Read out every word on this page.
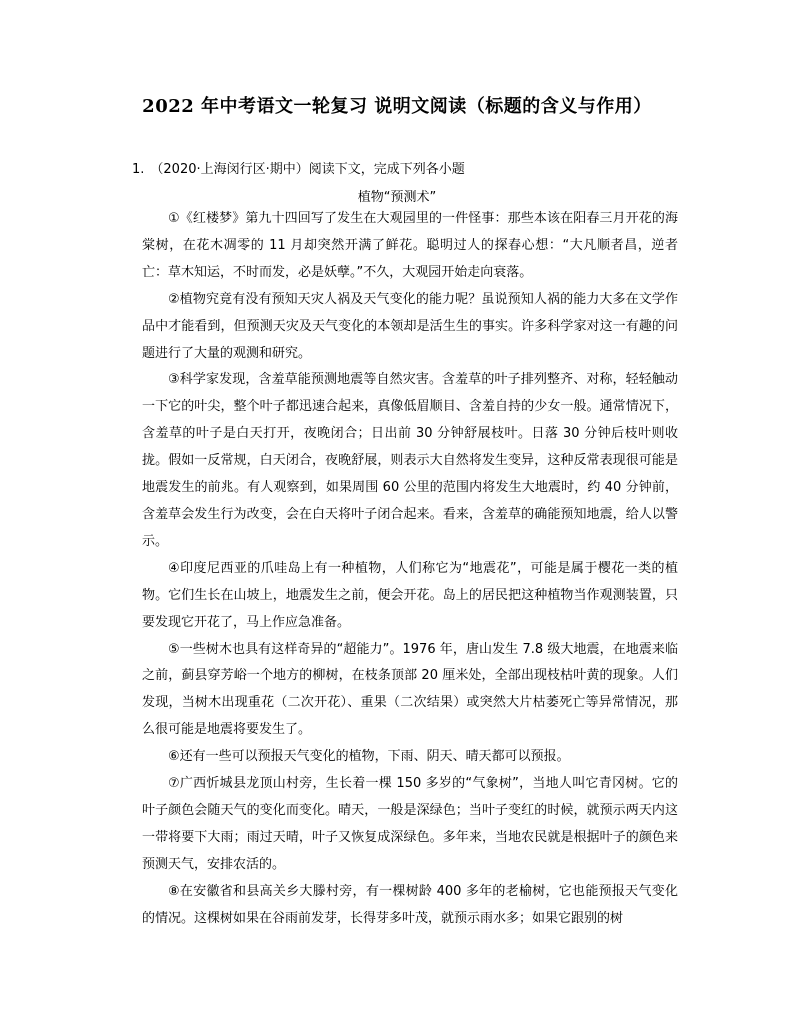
2022 年中考语文一轮复习 说明文阅读（标题的含义与作用）
1. （2020·上海闵行区·期中）阅读下文，完成下列各小题
植物“预测术”

①《红楼梦》第九十四回写了发生在大观园里的一件怪事：那些本该在阳春三月开花的海棠树，在花木凋零的 11 月却突然开满了鲜花。聪明过人的探春心想：“大凡顺者昌，逆者亡：草木知运，不时而发，必是妖孽。”不久，大观园开始走向衰落。

②植物究竟有没有预知天灾人祸及天气变化的能力呢？虽说预知人祸的能力大多在文学作品中才能看到，但预测天灾及天气变化的本领却是活生生的事实。许多科学家对这一有趣的问题进行了大量的观测和研究。

③科学家发现，含羞草能预测地震等自然灾害。含羞草的叶子排列整齐、对称，轻轻触动一下它的叶尖，整个叶子都迅速合起来，真像低眉顺目、含羞自持的少女一般。通常情况下，含羞草的叶子是白天打开，夜晚闭合；日出前 30 分钟舒展枝叶。日落 30 分钟后枝叶则收拢。假如一反常规，白天闭合，夜晚舒展，则表示大自然将发生变异，这种反常表现很可能是地震发生的前兆。有人观察到，如果周围 60 公里的范围内将发生大地震时，约 40 分钟前，含羞草会发生行为改变，会在白天将叶子闭合起来。看来，含羞草的确能预知地震，给人以警示。

④印度尼西亚的爪哇岛上有一种植物，人们称它为“地震花”，可能是属于樱花一类的植物。它们生长在山坡上，地震发生之前，便会开花。岛上的居民把这种植物当作观测装置，只要发现它开花了，马上作应急准备。

⑤一些树木也具有这样奇异的“超能力”。1976 年，唐山发生 7.8 级大地震，在地震来临之前，蓟县穿芳峪一个地方的柳树，在枝条顶部 20 厘米处，全部出现枝枯叶黄的现象。人们发现，当树木出现重花（二次开花）、重果（二次结果）或突然大片枯萎死亡等异常情况，那么很可能是地震将要发生了。

⑥还有一些可以预报天气变化的植物，下雨、阴天、晴天都可以预报。

⑦广西忻城县龙顶山村旁，生长着一棵 150 多岁的“气象树”，当地人叫它青冈树。它的叶子颜色会随天气的变化而变化。晴天，一般是深绿色；当叶子变红的时候，就预示两天内这一带将要下大雨；雨过天晴，叶子又恢复成深绿色。多年来，当地农民就是根据叶子的颜色来预测天气，安排农活的。

⑧在安徽省和县高关乡大滕村旁，有一棵树龄 400 多年的老榆树，它也能预报天气变化的情况。这棵树如果在谷雨前发芽，长得芽多叶茂，就预示雨水多；如果它跟别的树
